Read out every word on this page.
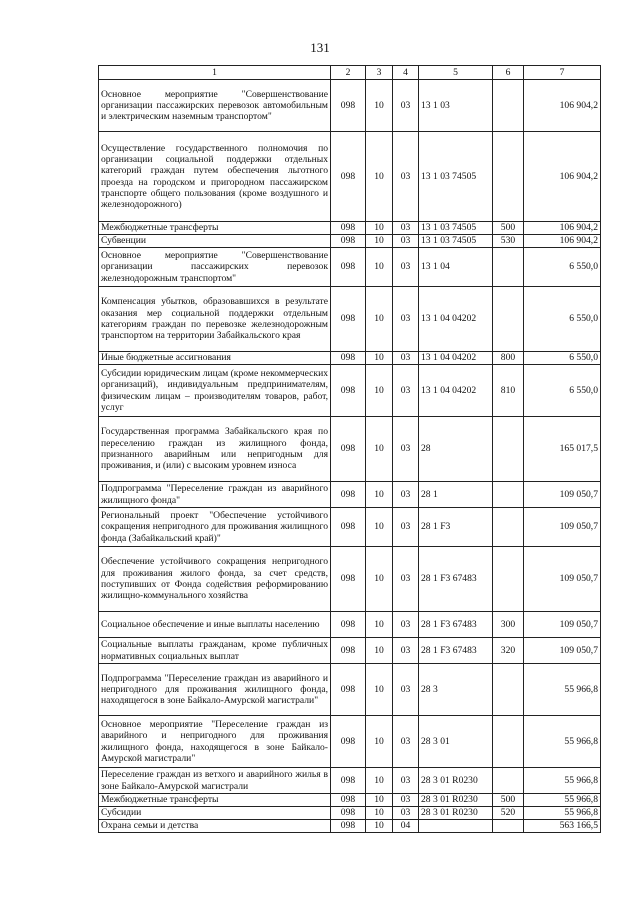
131
1	2	3	4	5	6	7
Основное мероприятие "Совершенствование организации пассажирских перевозок автомобильным и электрическим наземным транспортом"	098	10	03	13 1 03		106 904,2
Осуществление государственного полномочия по организации социальной поддержки отдельных категорий граждан путем обеспечения льготного проезда на городском и пригородном пассажирском транспорте общего пользования (кроме воздушного и железнодорожного)	098	10	03	13 1 03 74505		106 904,2
Межбюджетные трансферты	098	10	03	13 1 03 74505	500	106 904,2
Субвенции	098	10	03	13 1 03 74505	530	106 904,2
Основное мероприятие "Совершенствование организации пассажирских перевозок железнодорожным транспортом"	098	10	03	13 1 04		6 550,0
Компенсация убытков, образовавшихся в результате оказания мер социальной поддержки отдельным категориям граждан по перевозке железнодорожным транспортом на территории Забайкальского края	098	10	03	13 1 04 04202		6 550,0
Иные бюджетные ассигнования	098	10	03	13 1 04 04202	800	6 550,0
Субсидии юридическим лицам (кроме некоммерческих организаций), индивидуальным предпринимателям, физическим лицам – производителям товаров, работ, услуг	098	10	03	13 1 04 04202	810	6 550,0
Государственная программа Забайкальского края по переселению граждан из жилищного фонда, признанного аварийным или непригодным для проживания, и (или) с высоким уровнем износа	098	10	03	28		165 017,5
Подпрограмма "Переселение граждан из аварийного жилищного фонда"	098	10	03	28 1		109 050,7
Региональный проект "Обеспечение устойчивого сокращения непригодного для проживания жилищного фонда (Забайкальский край)"	098	10	03	28 1 F3		109 050,7
Обеспечение устойчивого сокращения непригодного для проживания жилого фонда, за счет средств, поступивших от Фонда содействия реформированию жилищно-коммунального хозяйства	098	10	03	28 1 F3 67483		109 050,7
Социальное обеспечение и иные выплаты населению	098	10	03	28 1 F3 67483	300	109 050,7
Социальные выплаты гражданам, кроме публичных нормативных социальных выплат	098	10	03	28 1 F3 67483	320	109 050,7
Подпрограмма "Переселение граждан из аварийного и непригодного для проживания жилищного фонда, находящегося в зоне Байкало-Амурской магистрали"	098	10	03	28 3		55 966,8
Основное мероприятие "Переселение граждан из аварийного и непригодного для проживания жилищного фонда, находящегося в зоне Байкало-Амурской магистрали"	098	10	03	28 3 01		55 966,8
Переселение граждан из ветхого и аварийного жилья в зоне Байкало-Амурской магистрали	098	10	03	28 3 01 R0230		55 966,8
Межбюджетные трансферты	098	10	03	28 3 01 R0230	500	55 966,8
Субсидии	098	10	03	28 3 01 R0230	520	55 966,8
Охрана семьи и детства	098	10	04			563 166,5
